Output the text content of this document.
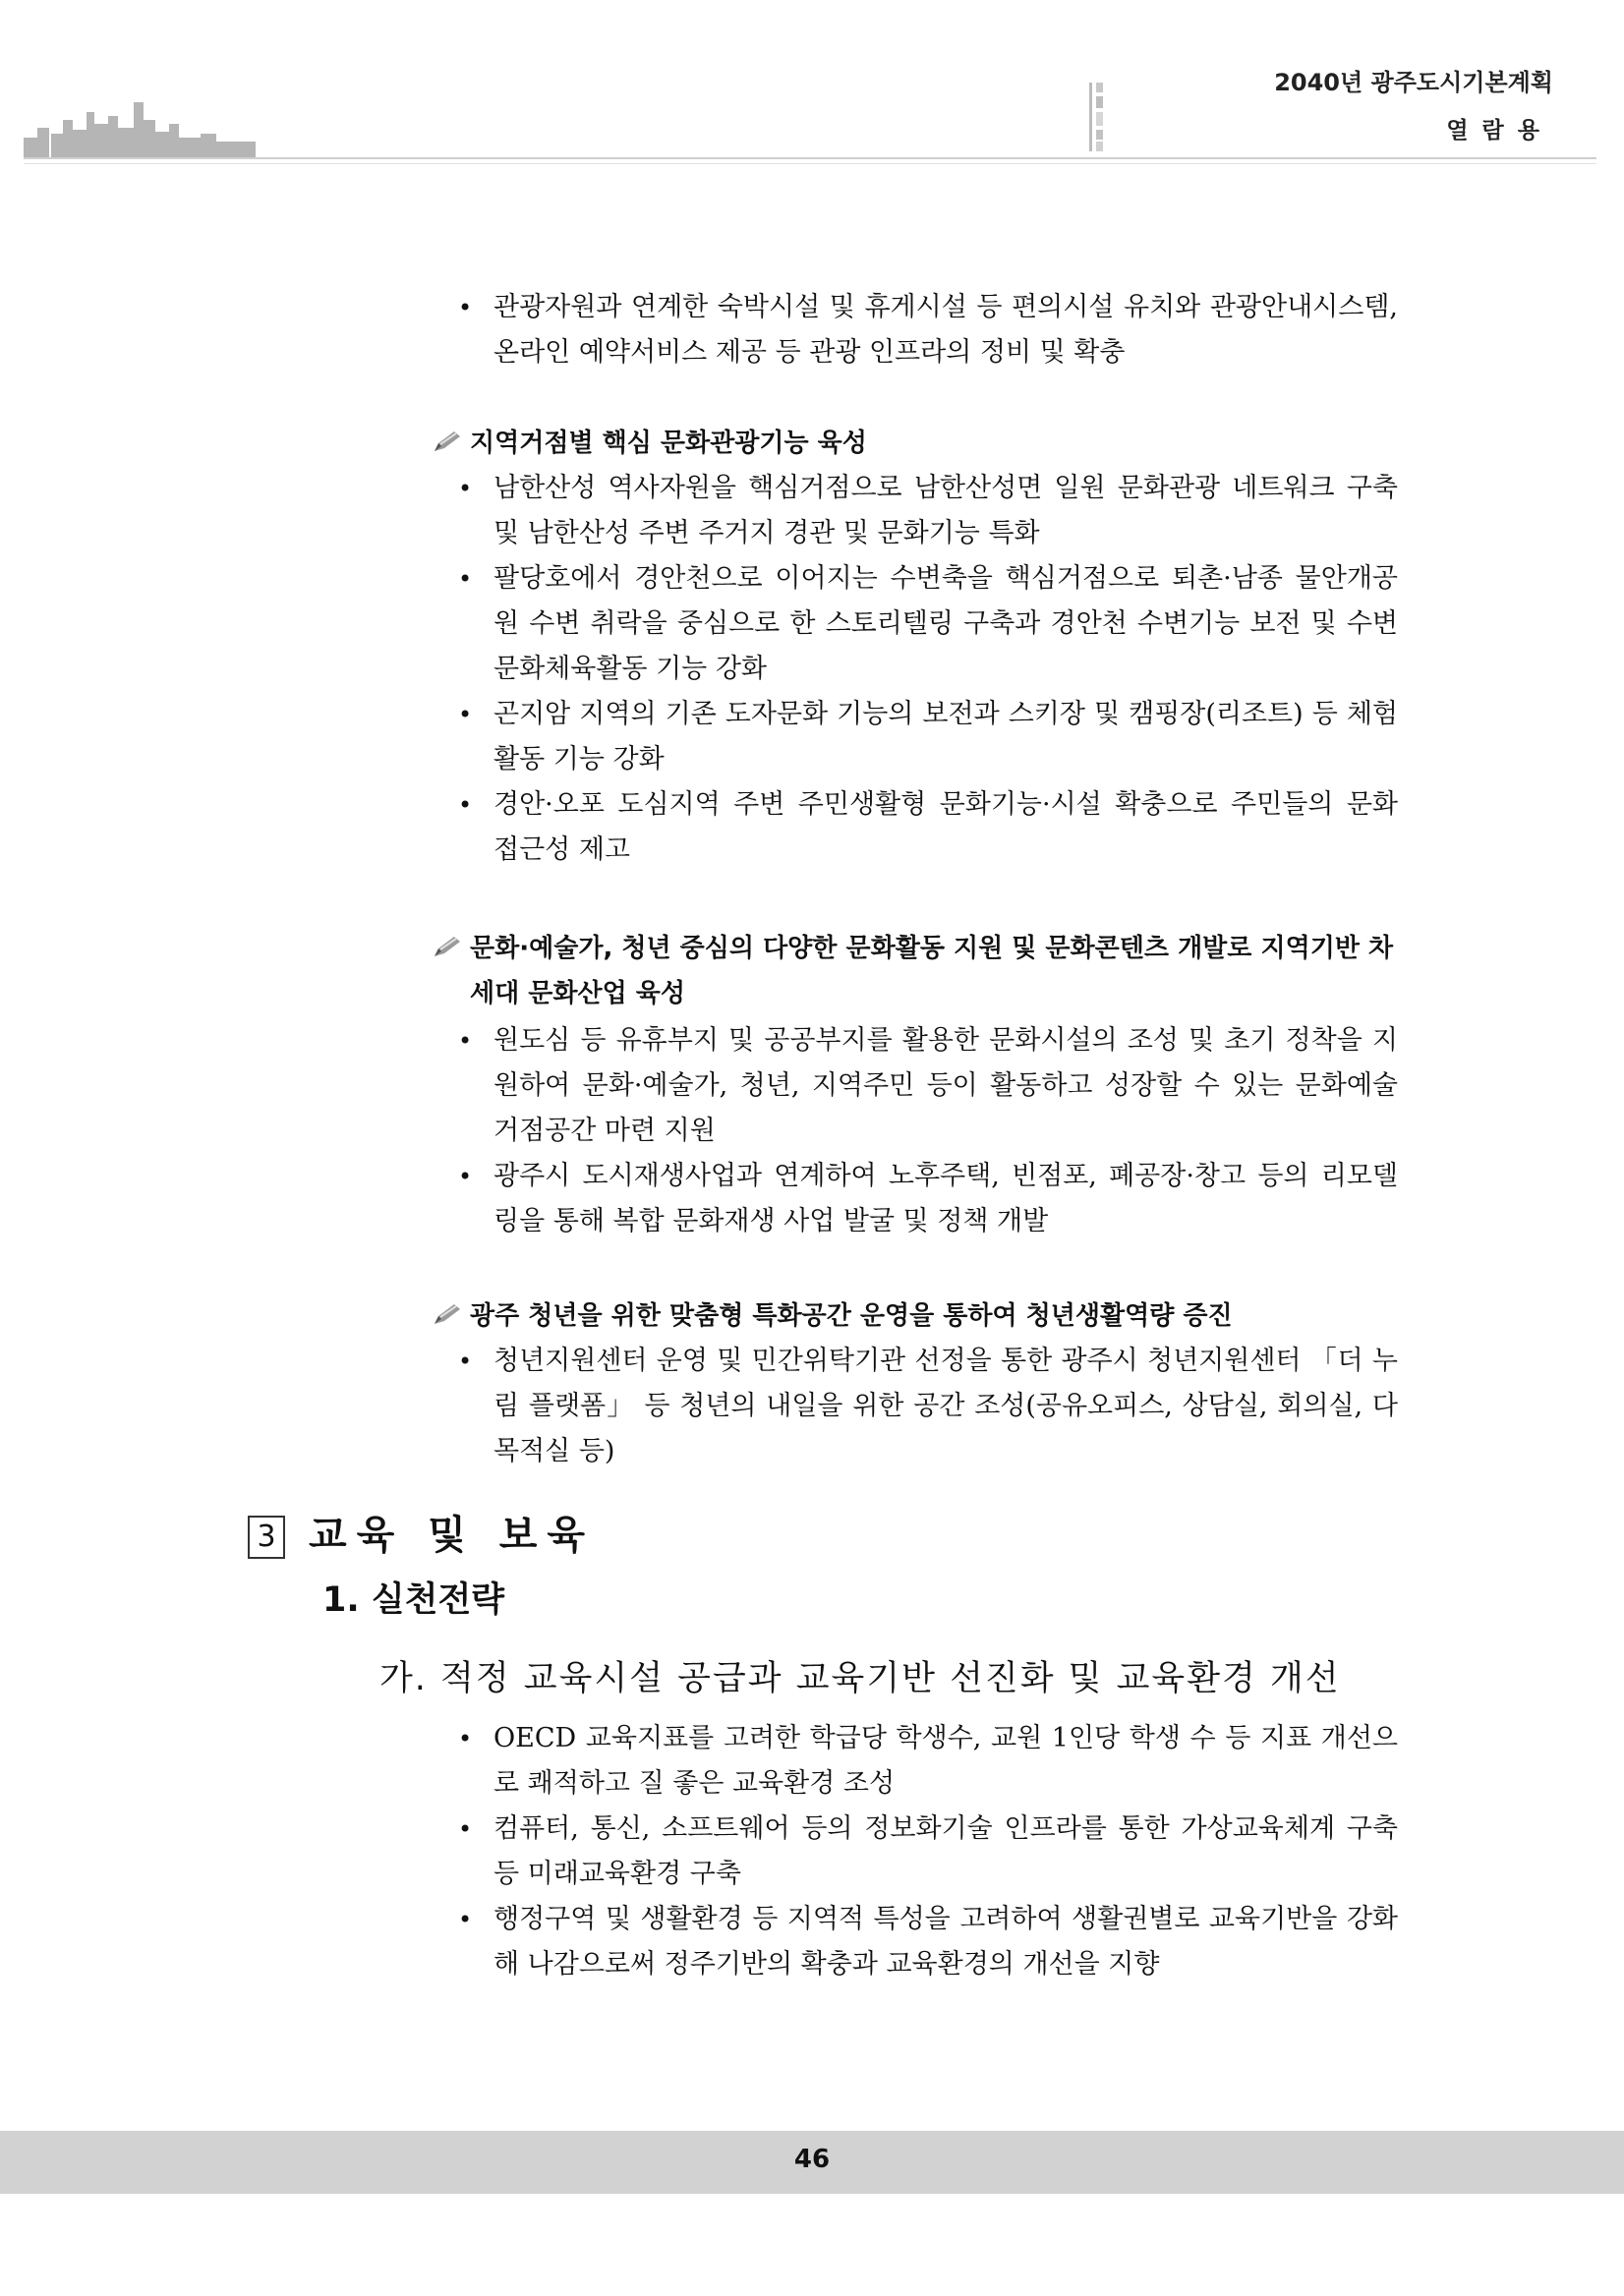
2040년 광주도시기본계획
열람용
• 관광자원과 연계한 숙박시설 및 휴게시설 등 편의시설 유치와 관광안내시스템, 온라인 예약서비스 제공 등 관광 인프라의 정비 및 확충
지역거점별 핵심 문화관광기능 육성
• 남한산성 역사자원을 핵심거점으로 남한산성면 일원 문화관광 네트워크 구축 및 남한산성 주변 주거지 경관 및 문화기능 특화
• 팔당호에서 경안천으로 이어지는 수변축을 핵심거점으로 퇴촌·남종 물안개공원 수변 취락을 중심으로 한 스토리텔링 구축과 경안천 수변기능 보전 및 수변 문화체육활동 기능 강화
• 곤지암 지역의 기존 도자문화 기능의 보전과 스키장 및 캠핑장(리조트) 등 체험활동 기능 강화
• 경안·오포 도심지역 주변 주민생활형 문화기능·시설 확충으로 주민들의 문화 접근성 제고
문화·예술가, 청년 중심의 다양한 문화활동 지원 및 문화콘텐츠 개발로 지역기반 차세대 문화산업 육성
• 원도심 등 유휴부지 및 공공부지를 활용한 문화시설의 조성 및 초기 정착을 지원하여 문화·예술가, 청년, 지역주민 등이 활동하고 성장할 수 있는 문화예술 거점공간 마련 지원
• 광주시 도시재생사업과 연계하여 노후주택, 빈점포, 폐공장·창고 등의 리모델링을 통해 복합 문화재생 사업 발굴 및 정책 개발
광주 청년을 위한 맞춤형 특화공간 운영을 통하여 청년생활역량 증진
• 청년지원센터 운영 및 민간위탁기관 선정을 통한 광주시 청년지원센터 「더 누림 플랫폼」 등 청년의 내일을 위한 공간 조성(공유오피스, 상담실, 회의실, 다목적실 등)
3 교육 및 보육
1. 실천전략
가. 적정 교육시설 공급과 교육기반 선진화 및 교육환경 개선
• OECD 교육지표를 고려한 학급당 학생수, 교원 1인당 학생 수 등 지표 개선으로 쾌적하고 질 좋은 교육환경 조성
• 컴퓨터, 통신, 소프트웨어 등의 정보화기술 인프라를 통한 가상교육체계 구축 등 미래교육환경 구축
• 행정구역 및 생활환경 등 지역적 특성을 고려하여 생활권별로 교육기반을 강화해 나감으로써 정주기반의 확충과 교육환경의 개선을 지향
46
